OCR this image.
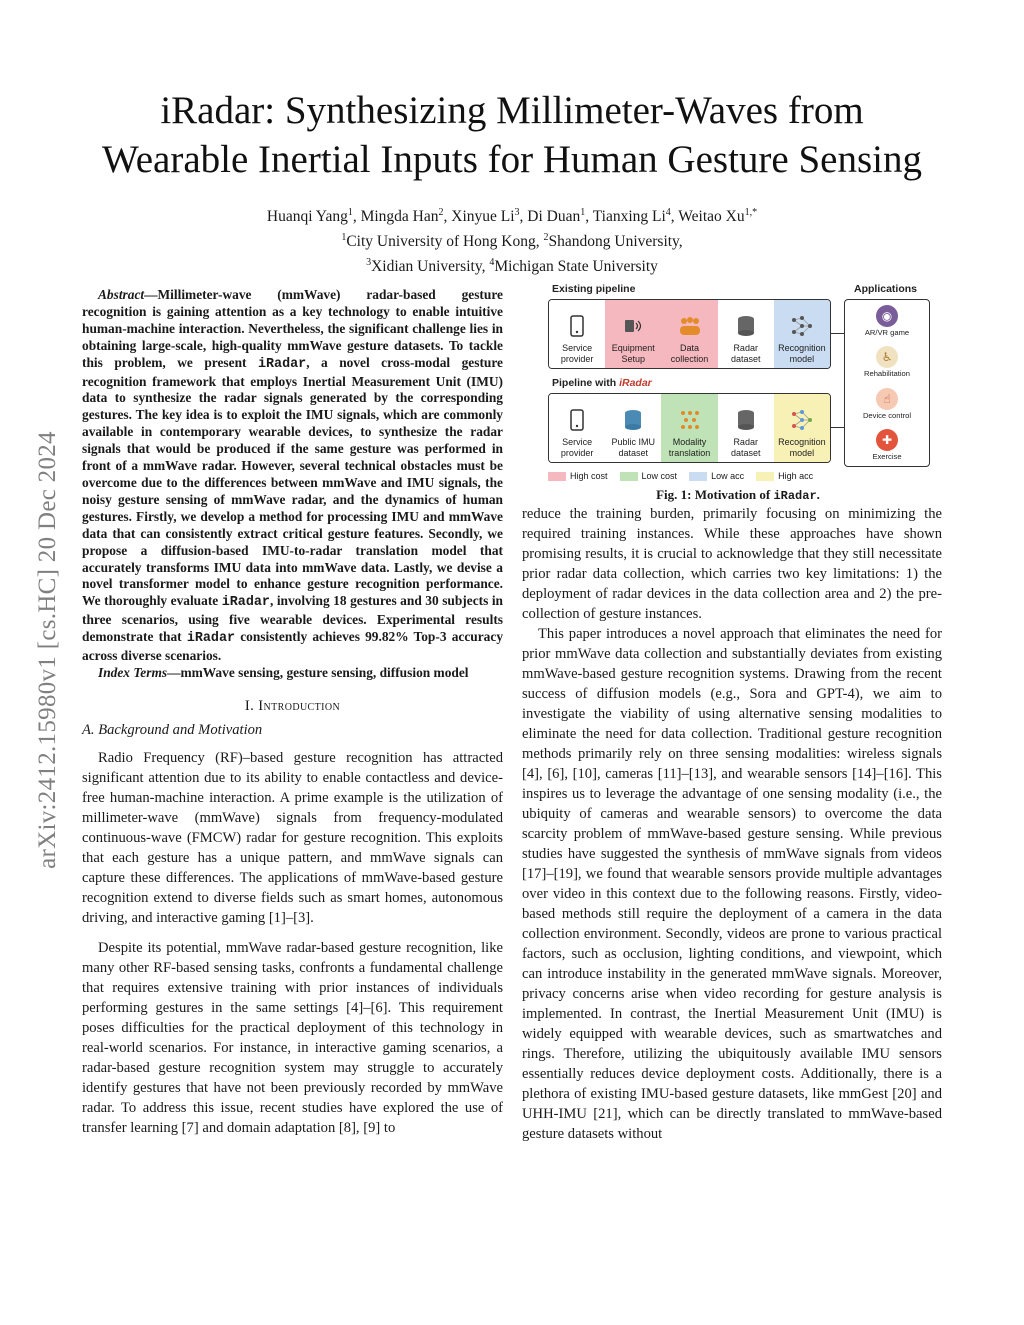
arXiv:2412.15980v1 [cs.HC] 20 Dec 2024
iRadar: Synthesizing Millimeter-Waves from
Wearable Inertial Inputs for Human Gesture Sensing
Huanqi Yang$^1$, Mingda Han$^2$, Xinyue Li$^3$, Di Duan$^1$, Tianxing Li$^4$, Weitao $Xu^{1,*}$
$^1$City University of Hong Kong, $^2$Shandong University,
$^3$Xidian University, $^4$Michigan State University

Abstract—Millimeter-wave (mmWave) radar-based gesture recognition is gaining attention as a key technology to enable intuitive human-machine interaction. Nevertheless, the significant challenge lies in obtaining large-scale, high-quality mmWave gesture datasets. To tackle this problem, we present iRadar, a novel cross-modal gesture recognition framework that employs Inertial Measurement Unit (IMU) data to synthesize the radar signals generated by the corresponding gestures. The key idea is to exploit the IMU signals, which are commonly available in contemporary wearable devices, to synthesize the radar signals that would be produced if the same gesture was performed in front of a mmWave radar. However, several technical obstacles must be overcome due to the differences between mmWave and IMU signals, the noisy gesture sensing of mmWave radar, and the dynamics of human gestures. Firstly, we develop a method for processing IMU and mmWave data that can consistently extract critical gesture features. Secondly, we propose a diffusion-based IMU-to-radar translation model that accurately transforms IMU data into mmWave data. Lastly, we devise a novel transformer model to enhance gesture recognition performance. We thoroughly evaluate iRadar, involving 18 gestures and 30 subjects in three scenarios, using five wearable devices. Experimental results demonstrate that iRadar consistently achieves 99.82% Top-3 accuracy across diverse scenarios.

Index Terms—mmWave sensing, gesture sensing, diffusion model

I. Introduction
A. Background and Motivation

Radio Frequency (RF)–based gesture recognition has attracted significant attention due to its ability to enable contactless and device-free human-machine interaction. A prime example is the utilization of millimeter-wave (mmWave) signals from frequency-modulated continuous-wave (FMCW) radar for gesture recognition. This exploits that each gesture has a unique pattern, and mmWave signals can capture these differences. The applications of mmWave-based gesture recognition extend to diverse fields such as smart homes, autonomous driving, and interactive gaming [1]–[3].

Despite its potential, mmWave radar-based gesture recognition, like many other RF-based sensing tasks, confronts a fundamental challenge that requires extensive training with prior instances of individuals performing gestures in the same settings [4]–[6]. This requirement poses difficulties for the practical deployment of this technology in real-world scenarios. For instance, in interactive gaming scenarios, a radar-based gesture recognition system may struggle to accurately identify gestures that have not been previously recorded by mmWave radar. To address this issue, recent studies have explored the use of transfer learning [7] and domain adaptation [8], [9] to

Existing pipeline	Applications
Service
provider
Equipment
Setup
Data
collection
Radar
dataset
Recognition
model
Pipeline with iRadar
Service
provider
Public IMU
dataset
Modality
translation
Radar
dataset
Recognition
model
◉
AR/VR game
♿
Rehabilitation
☝
Device control
✚
Exercise
High cost	Low cost	Low acc	High acc
Fig. 1: Motivation of iRadar.

reduce the training burden, primarily focusing on minimizing the required training instances. While these approaches have shown promising results, it is crucial to acknowledge that they still necessitate prior radar data collection, which carries two key limitations: 1) the deployment of radar devices in the data collection area and 2) the pre-collection of gesture instances.

This paper introduces a novel approach that eliminates the need for prior mmWave data collection and substantially deviates from existing mmWave-based gesture recognition systems. Drawing from the recent success of diffusion models (e.g., Sora and GPT-4), we aim to investigate the viability of using alternative sensing modalities to eliminate the need for data collection. Traditional gesture recognition methods primarily rely on three sensing modalities: wireless signals [4], [6], [10], cameras [11]–[13], and wearable sensors [14]–[16]. This inspires us to leverage the advantage of one sensing modality (i.e., the ubiquity of cameras and wearable sensors) to overcome the data scarcity problem of mmWave-based gesture sensing. While previous studies have suggested the synthesis of mmWave signals from videos [17]–[19], we found that wearable sensors provide multiple advantages over video in this context due to the following reasons. Firstly, video-based methods still require the deployment of a camera in the data collection environment. Secondly, videos are prone to various practical factors, such as occlusion, lighting conditions, and viewpoint, which can introduce instability in the generated mmWave signals. Moreover, privacy concerns arise when video recording for gesture analysis is implemented. In contrast, the Inertial Measurement Unit (IMU) is widely equipped with wearable devices, such as smartwatches and rings. Therefore, utilizing the ubiquitously available IMU sensors essentially reduces device deployment costs. Additionally, there is a plethora of existing IMU-based gesture datasets, like mmGest [20] and UHH-IMU [21], which can be directly translated to mmWave-based gesture datasets without
